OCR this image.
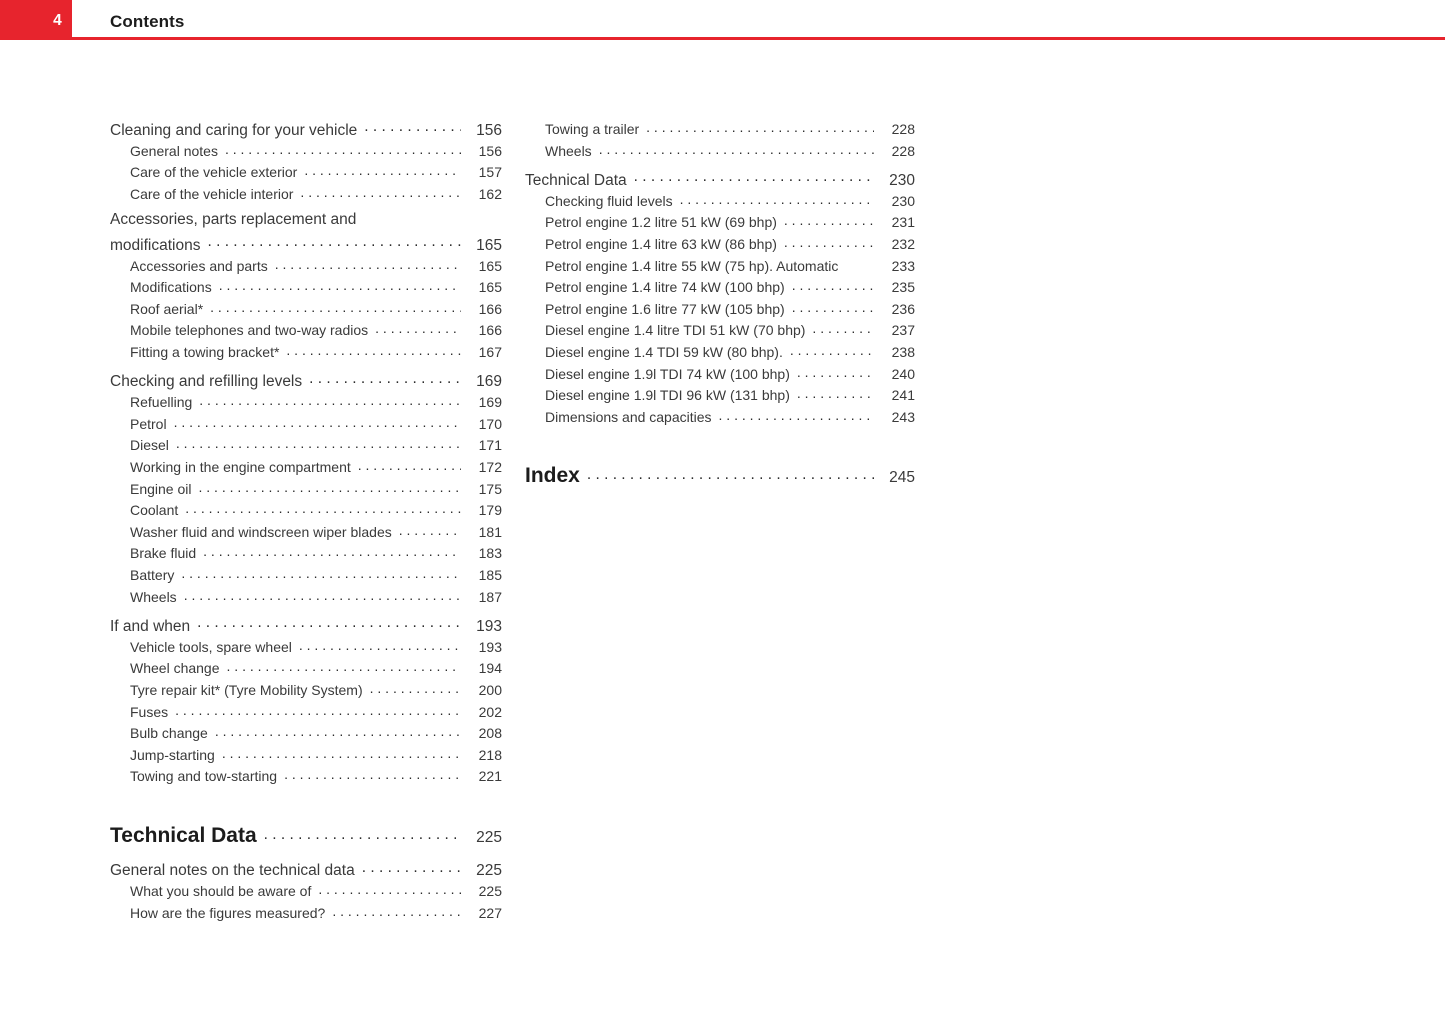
4	Contents
Cleaning and caring for your vehicle . . .	156
General notes . . .	156
Care of the vehicle exterior . . .	157
Care of the vehicle interior . . .	162
Accessories, parts replacement and
modifications . . .	165
Accessories and parts . . .	165
Modifications . . .	165
Roof aerial* . . .	166
Mobile telephones and two-way radios . . .	166
Fitting a towing bracket* . . .	167
Checking and refilling levels . . .	169
Refuelling . . .	169
Petrol . . .	170
Diesel . . .	171
Working in the engine compartment . . .	172
Engine oil . . .	175
Coolant . . .	179
Washer fluid and windscreen wiper blades . . .	181
Brake fluid . . .	183
Battery . . .	185
Wheels . . .	187
If and when . . .	193
Vehicle tools, spare wheel . . .	193
Wheel change . . .	194
Tyre repair kit* (Tyre Mobility System) . . .	200
Fuses . . .	202
Bulb change . . .	208
Jump-starting . . .	218
Towing and tow-starting . . .	221
Technical Data . . .	225
General notes on the technical data . . .	225
What you should be aware of . . .	225
How are the figures measured? . . .	227
Towing a trailer . . .	228
Wheels . . .	228
Technical Data . . .	230
Checking fluid levels . . .	230
Petrol engine 1.2 litre 51 kW (69 bhp) . . .	231
Petrol engine 1.4 litre 63 kW (86 bhp) . . .	232
Petrol engine 1.4 litre 55 kW (75 hp). Automatic	233
Petrol engine 1.4 litre 74 kW (100 bhp) . . .	235
Petrol engine 1.6 litre 77 kW (105 bhp) . . .	236
Diesel engine 1.4 litre TDI 51 kW (70 bhp) . . .	237
Diesel engine 1.4 TDI 59 kW (80 bhp). . . .	238
Diesel engine 1.9l TDI 74 kW (100 bhp) . . .	240
Diesel engine 1.9l TDI 96 kW (131 bhp) . . .	241
Dimensions and capacities . . .	243
Index . . .	245
